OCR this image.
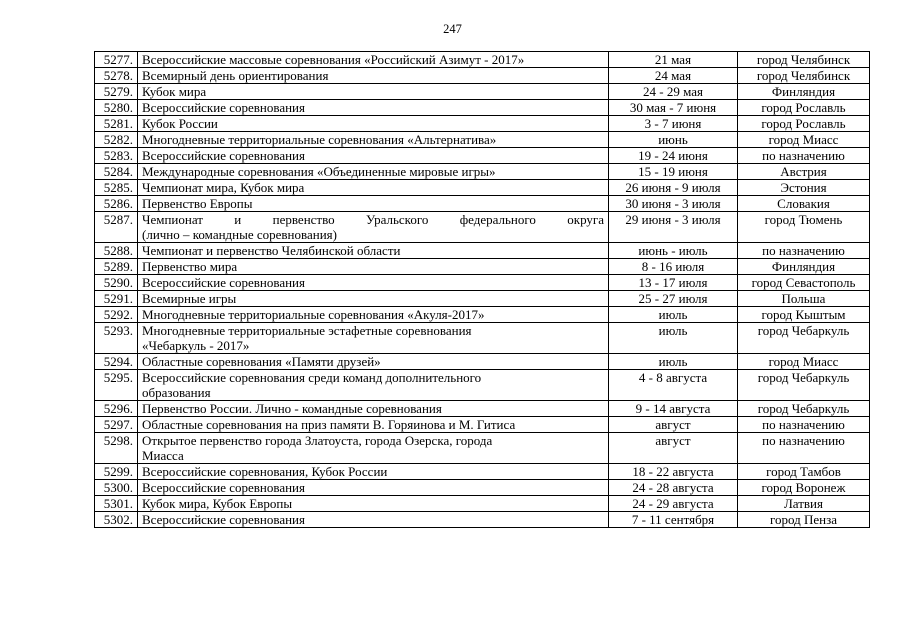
247
5277.	Всероссийские массовые соревнования «Российский Азимут - 2017»	21 мая	город Челябинск
5278.	Всемирный день ориентирования	24 мая	город Челябинск
5279.	Кубок мира	24 - 29 мая	Финляндия
5280.	Всероссийские соревнования	30 мая - 7 июня	город Рославль
5281.	Кубок России	3 - 7 июня	город Рославль
5282.	Многодневные территориальные соревнования «Альтернатива»	июнь	город Миасс
5283.	Всероссийские соревнования	19 - 24 июня	по назначению
5284.	Международные соревнования «Объединенные мировые игры»	15 - 19 июня	Австрия
5285.	Чемпионат мира, Кубок мира	26 июня - 9 июля	Эстония
5286.	Первенство Европы	30 июня - 3 июля	Словакия
5287.	Чемпионат и первенство Уральского федерального округа
(лично – командные соревнования)	29 июня - 3 июля	город Тюмень
5288.	Чемпионат и первенство Челябинской области	июнь - июль	по назначению
5289.	Первенство мира	8 - 16 июля	Финляндия
5290.	Всероссийские соревнования	13 - 17 июля	город Севастополь
5291.	Всемирные игры	25 - 27 июля	Польша
5292.	Многодневные территориальные соревнования «Акуля-2017»	июль	город Кыштым
5293.	Многодневные территориальные эстафетные соревнования
«Чебаркуль - 2017»	июль	город Чебаркуль
5294.	Областные соревнования «Памяти друзей»	июль	город Миасс
5295.	Всероссийские соревнования среди команд дополнительного
образования	4 - 8 августа	город Чебаркуль
5296.	Первенство России. Лично - командные соревнования	9 - 14 августа	город Чебаркуль
5297.	Областные соревнования на приз памяти В. Горяинова и М. Гитиса	август	по назначению
5298.	Открытое первенство города Златоуста, города Озерска, города
Миасса	август	по назначению
5299.	Всероссийские соревнования, Кубок России	18 - 22 августа	город Тамбов
5300.	Всероссийские соревнования	24 - 28 августа	город Воронеж
5301.	Кубок мира, Кубок Европы	24 - 29 августа	Латвия
5302.	Всероссийские соревнования	7 - 11 сентября	город Пенза
